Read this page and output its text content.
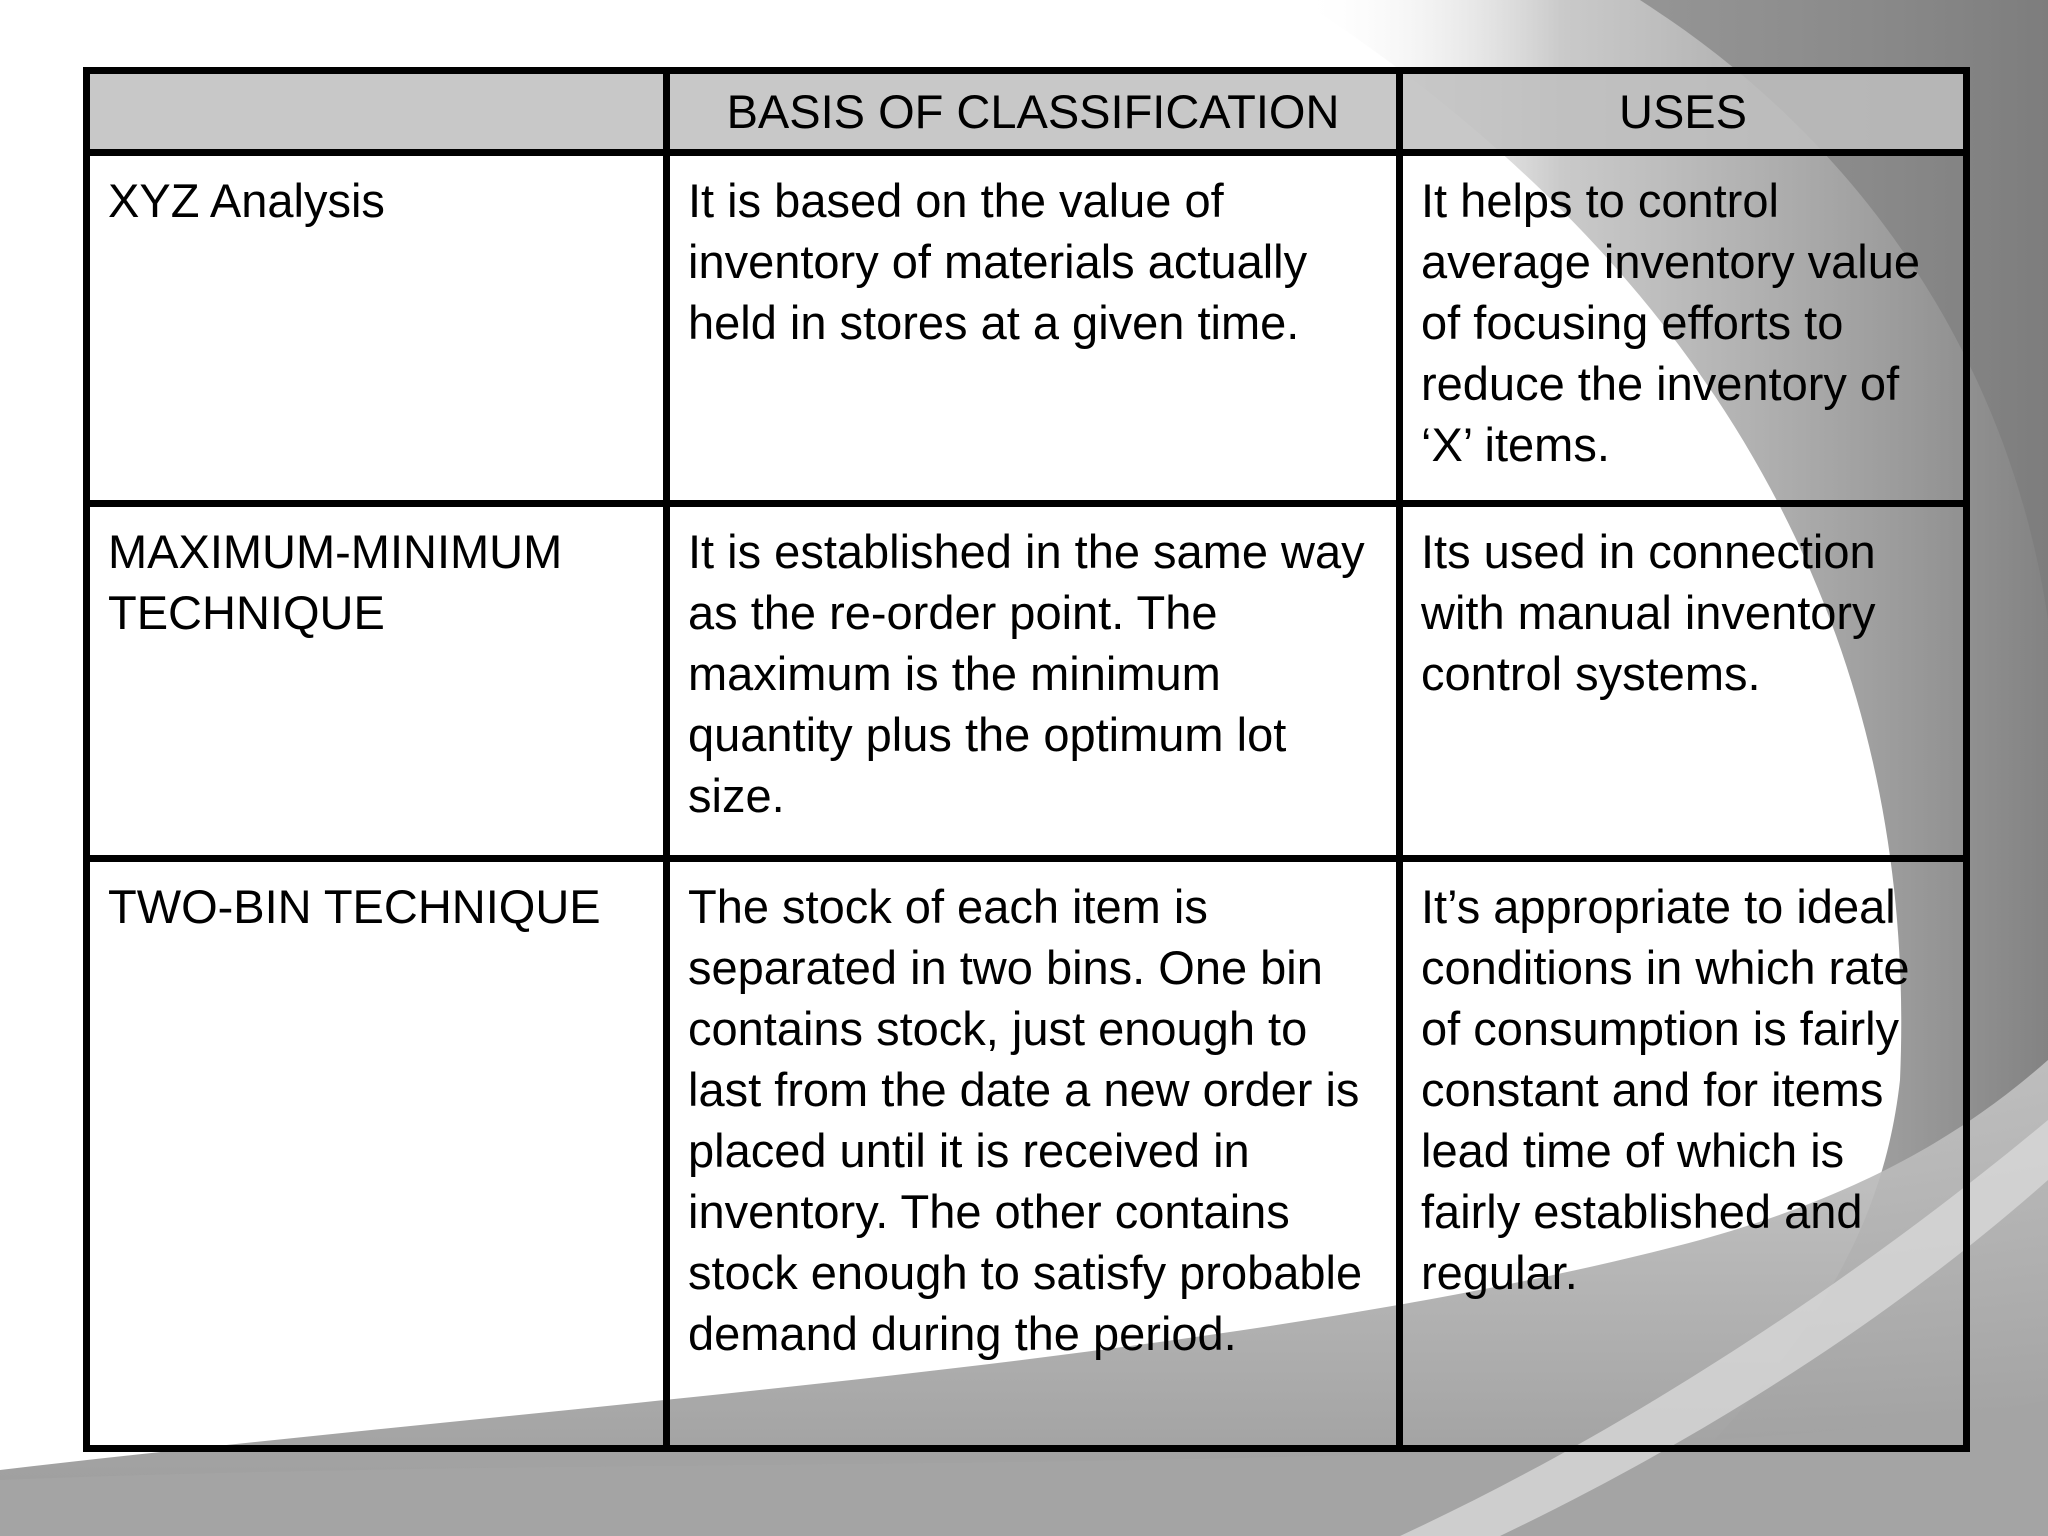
	BASIS OF CLASSIFICATION	USES
XYZ Analysis	It is based on the value of inventory of materials actually held in stores at a given time.	It helps to control average inventory value of focusing efforts to reduce the inventory of ‘X’ items.
MAXIMUM-MINIMUM TECHNIQUE	It is established in the same way as the re-order point. The maximum is the minimum quantity plus the optimum lot size.	Its used in connection with manual inventory control systems.
TWO-BIN TECHNIQUE	The stock of each item is separated in two bins. One bin contains stock, just enough to last from the date a new order is placed until it is received in inventory. The other contains stock enough to satisfy probable demand during the period.	It’s appropriate to ideal conditions in which rate of consumption is fairly constant and for items lead time of which is fairly established and regular.
